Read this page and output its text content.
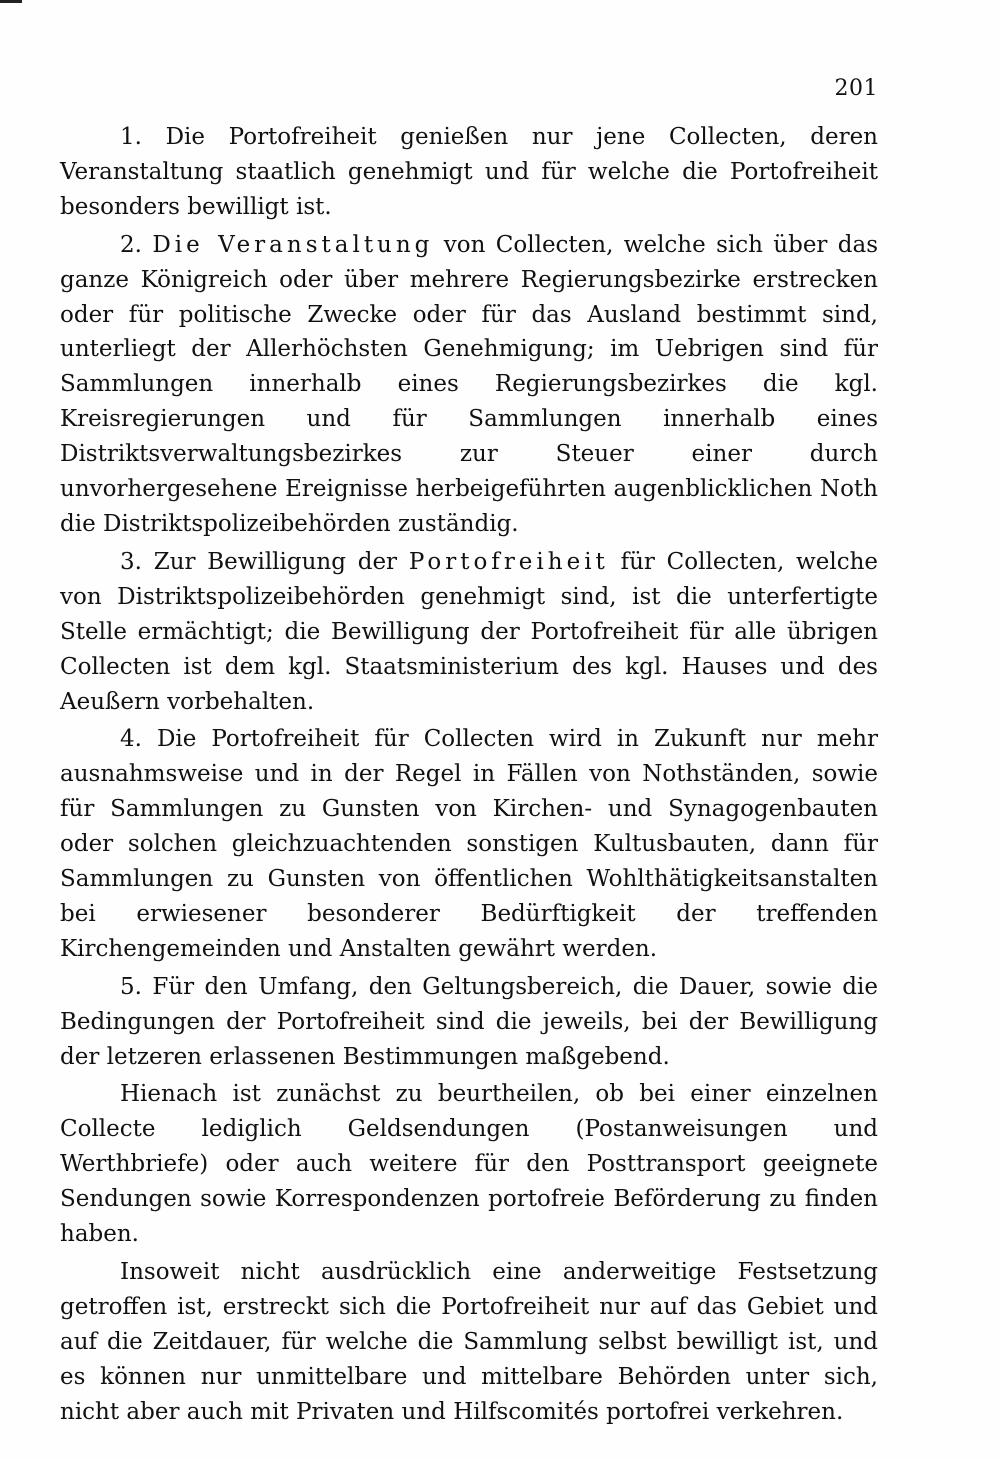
201

1. Die Portofreiheit genießen nur jene Collecten, deren Veranstaltung staatlich genehmigt und für welche die Portofreiheit besonders bewilligt ist.

2. Die Veranstaltung von Collecten, welche sich über das ganze Königreich oder über mehrere Regierungsbezirke erstrecken oder für politische Zwecke oder für das Ausland bestimmt sind, unterliegt der Allerhöchsten Genehmigung; im Uebrigen sind für Sammlungen innerhalb eines Regierungsbezirkes die kgl. Kreisregierungen und für Sammlungen innerhalb eines Distriktsverwaltungsbezirkes zur Steuer einer durch unvorhergesehene Ereignisse herbeigeführten augenblicklichen Noth die Distriktspolizeibehörden zuständig.

3. Zur Bewilligung der Portofreiheit für Collecten, welche von Distriktspolizeibehörden genehmigt sind, ist die unterfertigte Stelle ermächtigt; die Bewilligung der Portofreiheit für alle übrigen Collecten ist dem kgl. Staatsministerium des kgl. Hauses und des Aeußern vorbehalten.

4. Die Portofreiheit für Collecten wird in Zukunft nur mehr ausnahmsweise und in der Regel in Fällen von Nothständen, sowie für Sammlungen zu Gunsten von Kirchen- und Synagogenbauten oder solchen gleichzuachtenden sonstigen Kultusbauten, dann für Sammlungen zu Gunsten von öffentlichen Wohlthätigkeitsanstalten bei erwiesener besonderer Bedürftigkeit der treffenden Kirchengemeinden und Anstalten gewährt werden.

5. Für den Umfang, den Geltungsbereich, die Dauer, sowie die Bedingungen der Portofreiheit sind die jeweils, bei der Bewilligung der letzeren erlassenen Bestimmungen maßgebend.

Hienach ist zunächst zu beurtheilen, ob bei einer einzelnen Collecte lediglich Geldsendungen (Postanweisungen und Werthbriefe) oder auch weitere für den Posttransport geeignete Sendungen sowie Korrespondenzen portofreie Beförderung zu finden haben.

Insoweit nicht ausdrücklich eine anderweitige Festsetzung getroffen ist, erstreckt sich die Portofreiheit nur auf das Gebiet und auf die Zeitdauer, für welche die Sammlung selbst bewilligt ist, und es können nur unmittelbare und mittelbare Behörden unter sich, nicht aber auch mit Privaten und Hilfscomités portofrei verkehren.
